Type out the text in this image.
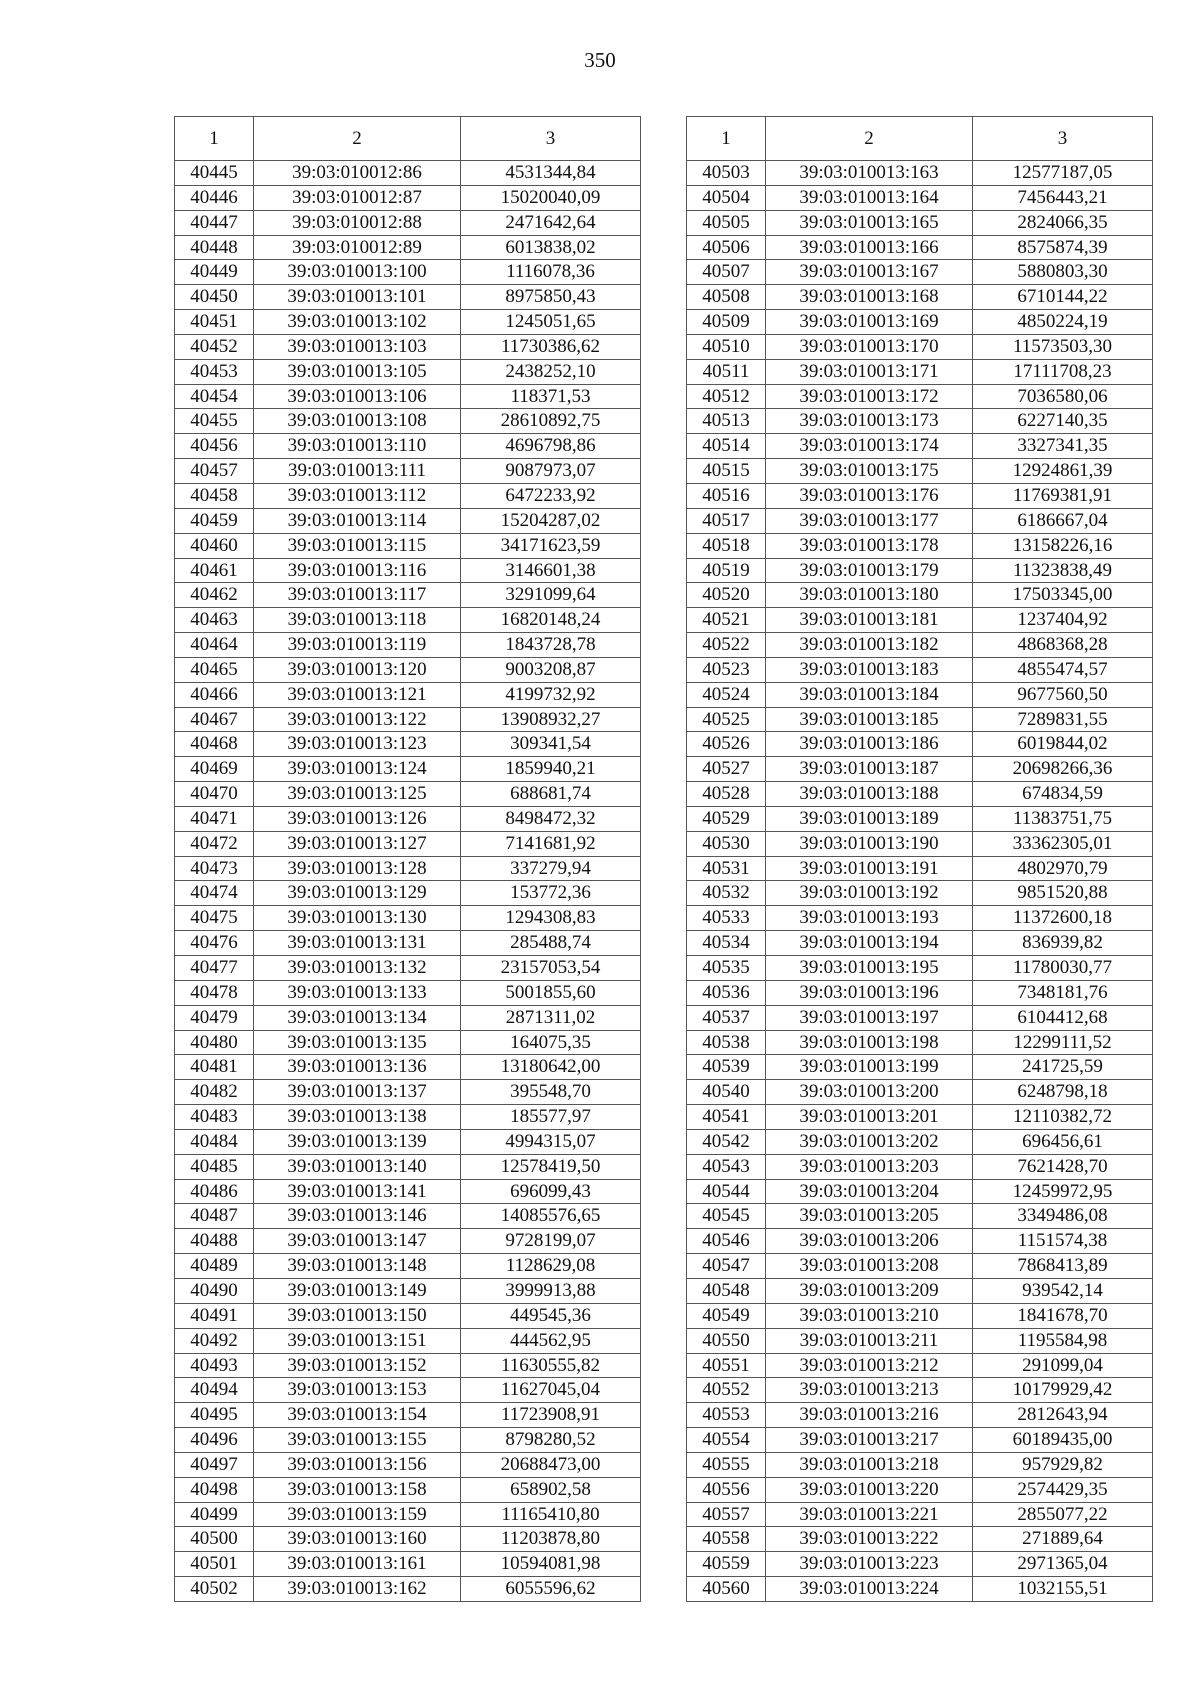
350
1	2	3
40445	39:03:010012:86	4531344,84
40446	39:03:010012:87	15020040,09
40447	39:03:010012:88	2471642,64
40448	39:03:010012:89	6013838,02
40449	39:03:010013:100	1116078,36
40450	39:03:010013:101	8975850,43
40451	39:03:010013:102	1245051,65
40452	39:03:010013:103	11730386,62
40453	39:03:010013:105	2438252,10
40454	39:03:010013:106	118371,53
40455	39:03:010013:108	28610892,75
40456	39:03:010013:110	4696798,86
40457	39:03:010013:111	9087973,07
40458	39:03:010013:112	6472233,92
40459	39:03:010013:114	15204287,02
40460	39:03:010013:115	34171623,59
40461	39:03:010013:116	3146601,38
40462	39:03:010013:117	3291099,64
40463	39:03:010013:118	16820148,24
40464	39:03:010013:119	1843728,78
40465	39:03:010013:120	9003208,87
40466	39:03:010013:121	4199732,92
40467	39:03:010013:122	13908932,27
40468	39:03:010013:123	309341,54
40469	39:03:010013:124	1859940,21
40470	39:03:010013:125	688681,74
40471	39:03:010013:126	8498472,32
40472	39:03:010013:127	7141681,92
40473	39:03:010013:128	337279,94
40474	39:03:010013:129	153772,36
40475	39:03:010013:130	1294308,83
40476	39:03:010013:131	285488,74
40477	39:03:010013:132	23157053,54
40478	39:03:010013:133	5001855,60
40479	39:03:010013:134	2871311,02
40480	39:03:010013:135	164075,35
40481	39:03:010013:136	13180642,00
40482	39:03:010013:137	395548,70
40483	39:03:010013:138	185577,97
40484	39:03:010013:139	4994315,07
40485	39:03:010013:140	12578419,50
40486	39:03:010013:141	696099,43
40487	39:03:010013:146	14085576,65
40488	39:03:010013:147	9728199,07
40489	39:03:010013:148	1128629,08
40490	39:03:010013:149	3999913,88
40491	39:03:010013:150	449545,36
40492	39:03:010013:151	444562,95
40493	39:03:010013:152	11630555,82
40494	39:03:010013:153	11627045,04
40495	39:03:010013:154	11723908,91
40496	39:03:010013:155	8798280,52
40497	39:03:010013:156	20688473,00
40498	39:03:010013:158	658902,58
40499	39:03:010013:159	11165410,80
40500	39:03:010013:160	11203878,80
40501	39:03:010013:161	10594081,98
40502	39:03:010013:162	6055596,62
1	2	3
40503	39:03:010013:163	12577187,05
40504	39:03:010013:164	7456443,21
40505	39:03:010013:165	2824066,35
40506	39:03:010013:166	8575874,39
40507	39:03:010013:167	5880803,30
40508	39:03:010013:168	6710144,22
40509	39:03:010013:169	4850224,19
40510	39:03:010013:170	11573503,30
40511	39:03:010013:171	17111708,23
40512	39:03:010013:172	7036580,06
40513	39:03:010013:173	6227140,35
40514	39:03:010013:174	3327341,35
40515	39:03:010013:175	12924861,39
40516	39:03:010013:176	11769381,91
40517	39:03:010013:177	6186667,04
40518	39:03:010013:178	13158226,16
40519	39:03:010013:179	11323838,49
40520	39:03:010013:180	17503345,00
40521	39:03:010013:181	1237404,92
40522	39:03:010013:182	4868368,28
40523	39:03:010013:183	4855474,57
40524	39:03:010013:184	9677560,50
40525	39:03:010013:185	7289831,55
40526	39:03:010013:186	6019844,02
40527	39:03:010013:187	20698266,36
40528	39:03:010013:188	674834,59
40529	39:03:010013:189	11383751,75
40530	39:03:010013:190	33362305,01
40531	39:03:010013:191	4802970,79
40532	39:03:010013:192	9851520,88
40533	39:03:010013:193	11372600,18
40534	39:03:010013:194	836939,82
40535	39:03:010013:195	11780030,77
40536	39:03:010013:196	7348181,76
40537	39:03:010013:197	6104412,68
40538	39:03:010013:198	12299111,52
40539	39:03:010013:199	241725,59
40540	39:03:010013:200	6248798,18
40541	39:03:010013:201	12110382,72
40542	39:03:010013:202	696456,61
40543	39:03:010013:203	7621428,70
40544	39:03:010013:204	12459972,95
40545	39:03:010013:205	3349486,08
40546	39:03:010013:206	1151574,38
40547	39:03:010013:208	7868413,89
40548	39:03:010013:209	939542,14
40549	39:03:010013:210	1841678,70
40550	39:03:010013:211	1195584,98
40551	39:03:010013:212	291099,04
40552	39:03:010013:213	10179929,42
40553	39:03:010013:216	2812643,94
40554	39:03:010013:217	60189435,00
40555	39:03:010013:218	957929,82
40556	39:03:010013:220	2574429,35
40557	39:03:010013:221	2855077,22
40558	39:03:010013:222	271889,64
40559	39:03:010013:223	2971365,04
40560	39:03:010013:224	1032155,51
